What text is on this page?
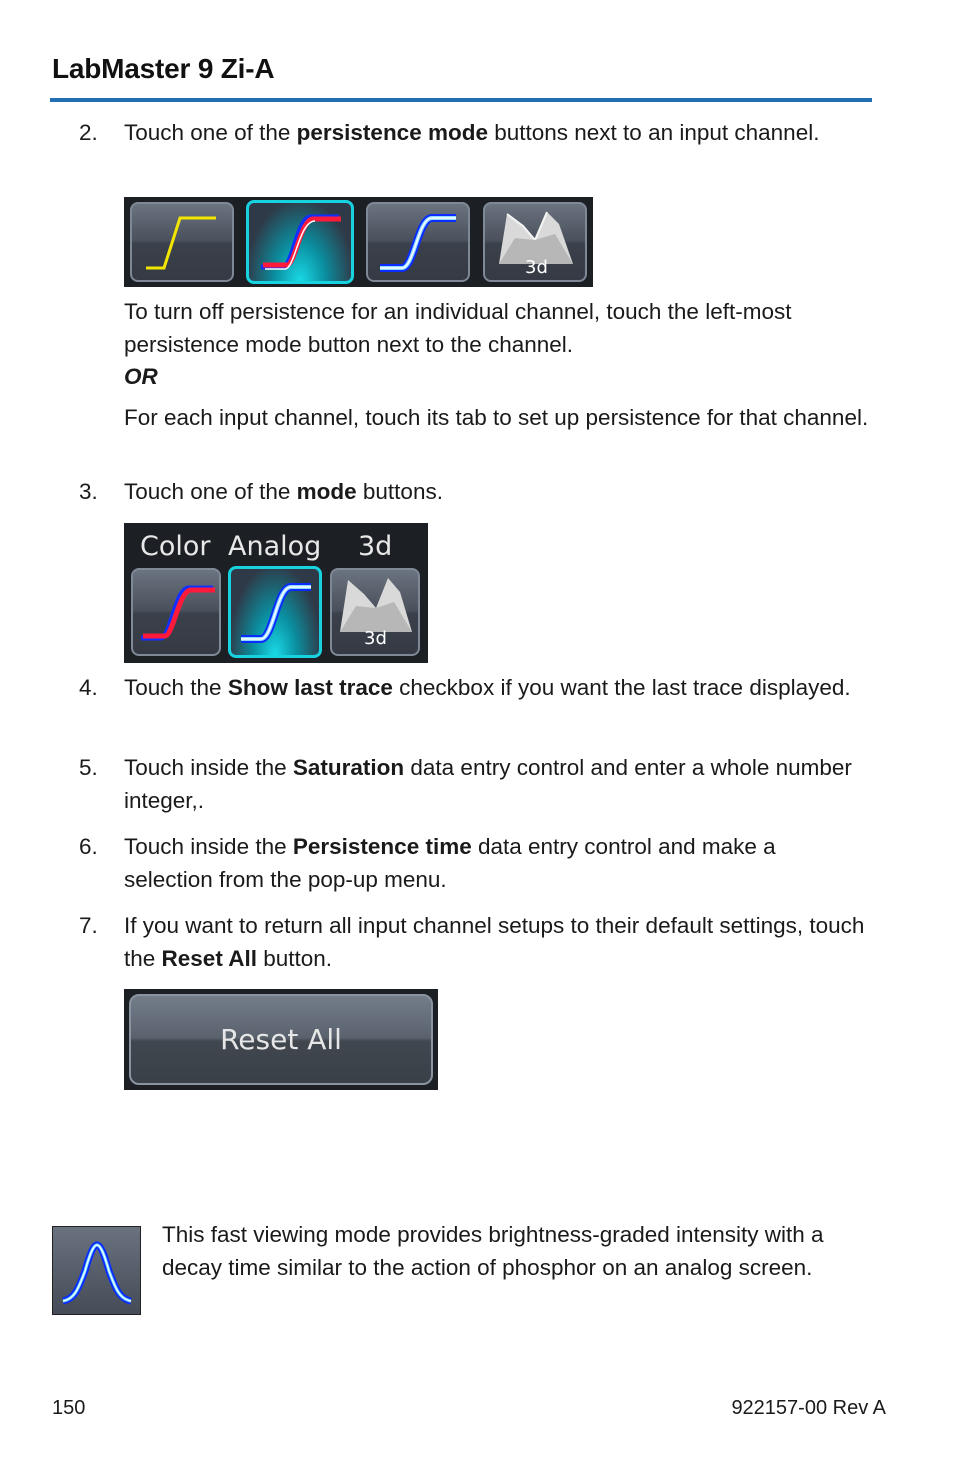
LabMaster 9 Zi-A
2. Touch one of the persistence mode buttons next to an input channel.
3d
To turn off persistence for an individual channel, touch the left-most persistence mode button next to the channel.
OR
For each input channel, touch its tab to set up persistence for that channel.
3. Touch one of the mode buttons.
Color Analog 3d
3d
4. Touch the Show last trace checkbox if you want the last trace displayed.
5. Touch inside the Saturation data entry control and enter a whole number integer,.
6. Touch inside the Persistence time data entry control and make a selection from the pop-up menu.
7. If you want to return all input channel setups to their default settings, touch the Reset All button.
Reset All
This fast viewing mode provides brightness-graded intensity with a decay time similar to the action of phosphor on an analog screen.
150	922157-00 Rev A
